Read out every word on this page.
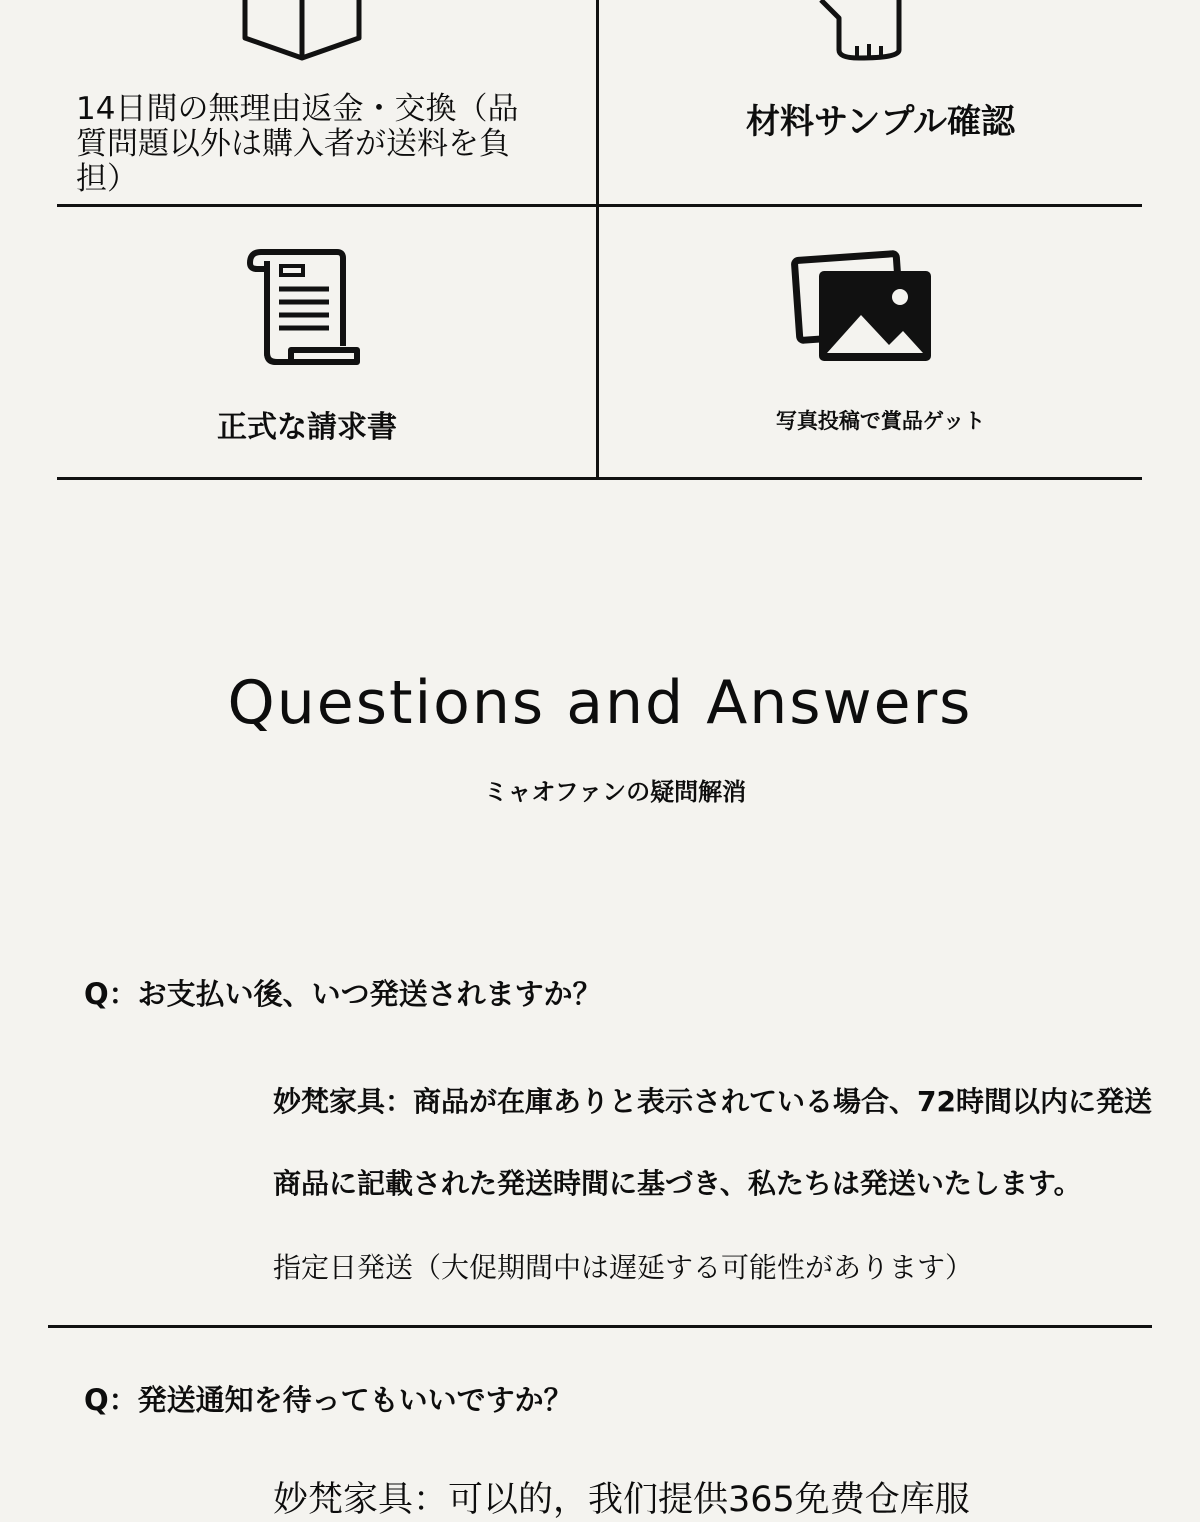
14日間の無理由返金・交換（品質問題以外は購入者が送料を負担）
材料サンプル確認
正式な請求書	写真投稿で賞品ゲット
Questions and Answers
ミャオファンの疑問解消
Q：お支払い後、いつ発送されますか？
妙梵家具：商品が在庫ありと表示されている場合、72時間以内に発送
商品に記載された発送時間に基づき、私たちは発送いたします。
指定日発送（大促期間中は遅延する可能性があります）
Q：発送通知を待ってもいいですか？
妙梵家具：可以的，我们提供365免费仓库服
